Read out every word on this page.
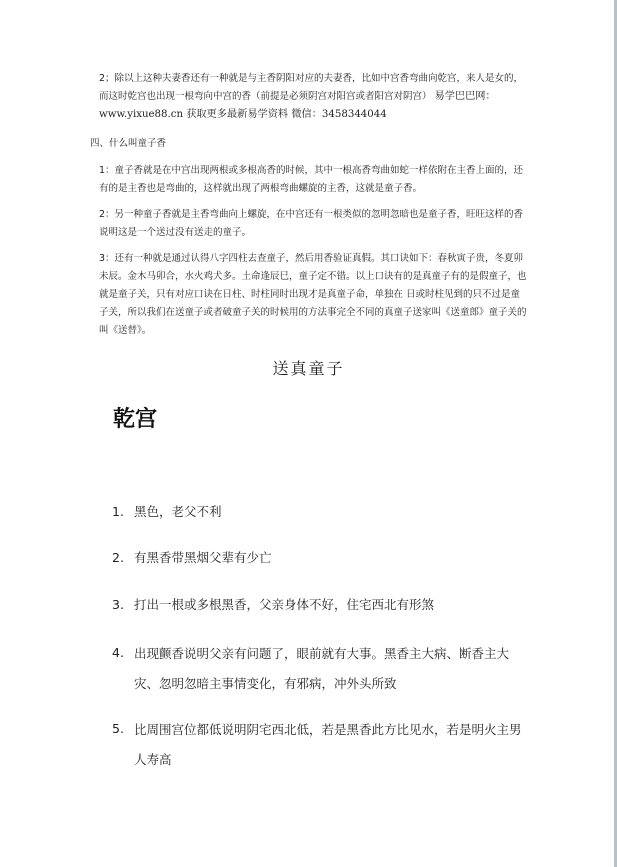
2；除以上这种夫妻香还有一种就是与主香阴阳对应的夫妻香，比如中宫香弯曲向乾宫，来人是女的，而这时乾宫也出现一根弯向中宫的香（前提是必须阴宫对阳宫或者阳宫对阴宫） 易学巴巴网：www.yixue88.cn 获取更多最新易学资料 微信：3458344044

四、什么叫童子香

1：童子香就是在中宫出现两根或多根高香的时候，其中一根高香弯曲如蛇一样依附在主香上面的，还有的是主香也是弯曲的，这样就出现了两根弯曲螺旋的主香，这就是童子香。

2：另一种童子香就是主香弯曲向上螺旋，在中宫还有一根类似的忽明忽暗也是童子香，旺旺这样的香说明这是一个送过没有送走的童子。

3：还有一种就是通过认得八字四柱去查童子，然后用香验证真假。其口诀如下：春秋寅子贵，冬夏卯未辰。金木马卯合，水火鸡犬多。土命逢辰巳，童子定不错。以上口诀有的是真童子有的是假童子，也就是童子关，只有对应口诀在日柱、时柱同时出现才是真童子命，单独在 日或时柱见到的只不过是童子关，所以我们在送童子或者破童子关的时候用的方法事完全不同的真童子送家叫《送童郎》童子关的叫《送替》。

送真童子
乾宫
1. 黑色，老父不利
2. 有黑香带黑烟父辈有少亡
3. 打出一根或多根黑香，父亲身体不好，住宅西北有形煞
4. 出现颤香说明父亲有问题了，眼前就有大事。黑香主大病、断香主大灾、忽明忽暗主事情变化，有邪病，冲外头所致
5. 比周围宫位都低说明阴宅西北低，若是黑香此方比见水，若是明火主男人寿高
